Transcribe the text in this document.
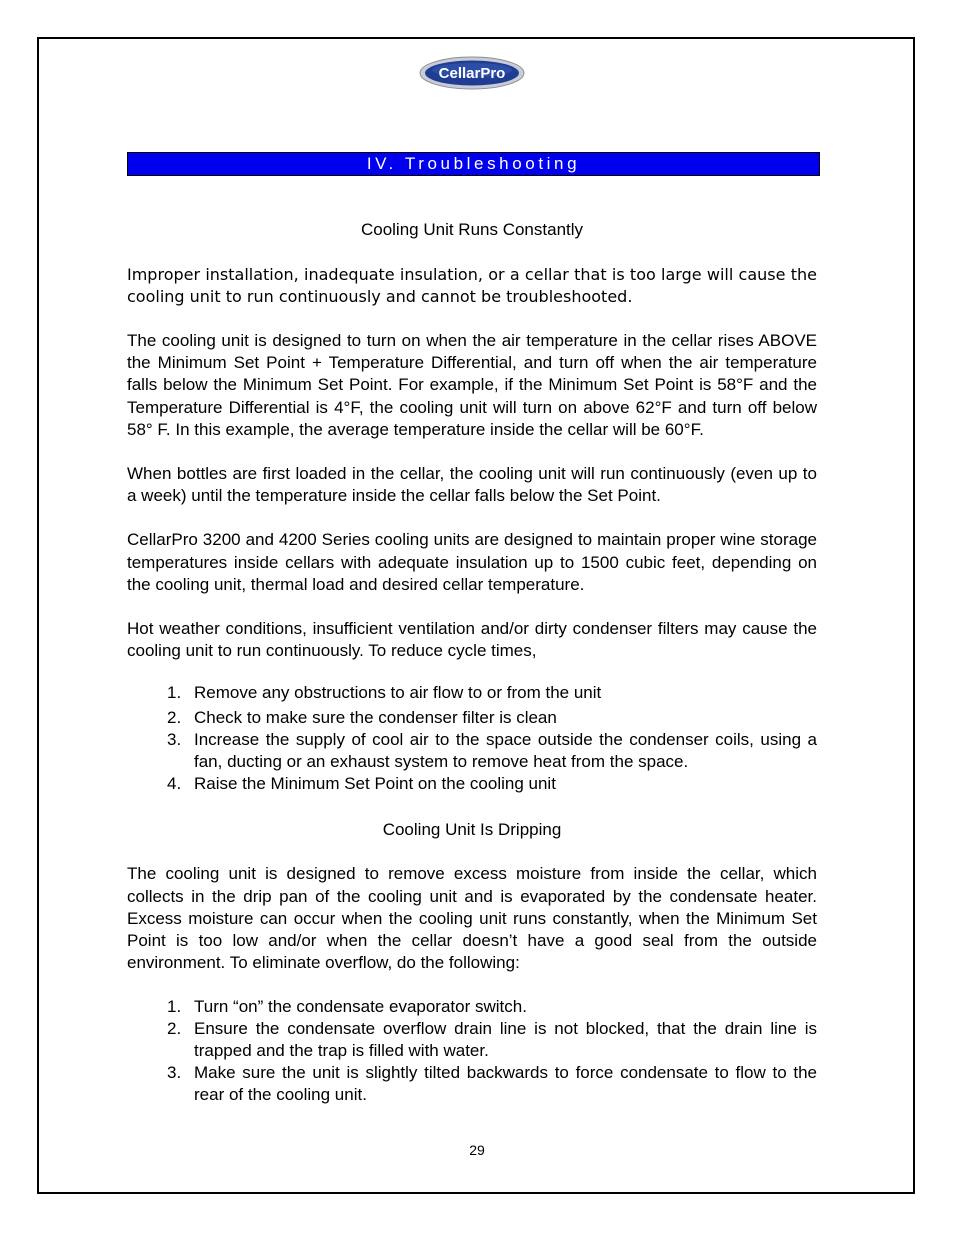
CellarPro
IV. Troubleshooting
Cooling Unit Runs Constantly

Improper installation, inadequate insulation, or a cellar that is too large will cause the cooling unit to run continuously and cannot be troubleshooted.

The cooling unit is designed to turn on when the air temperature in the cellar rises ABOVE the Minimum Set Point + Temperature Differential, and turn off when the air temperature falls below the Minimum Set Point. For example, if the Minimum Set Point is 58°F and the Temperature Differential is 4°F, the cooling unit will turn on above 62°F and turn off below 58° F. In this example, the average temperature inside the cellar will be 60°F.

When bottles are first loaded in the cellar, the cooling unit will run continuously (even up to a week) until the temperature inside the cellar falls below the Set Point.

CellarPro 3200 and 4200 Series cooling units are designed to maintain proper wine storage temperatures inside cellars with adequate insulation up to 1500 cubic feet, depending on the cooling unit, thermal load and desired cellar temperature.

Hot weather conditions, insufficient ventilation and/or dirty condenser filters may cause the cooling unit to run continuously. To reduce cycle times,

1. Remove any obstructions to air flow to or from the unit
2. Check to make sure the condenser filter is clean
3. Increase the supply of cool air to the space outside the condenser coils, using a fan, ducting or an exhaust system to remove heat from the space.
4. Raise the Minimum Set Point on the cooling unit
Cooling Unit Is Dripping

The cooling unit is designed to remove excess moisture from inside the cellar, which collects in the drip pan of the cooling unit and is evaporated by the condensate heater. Excess moisture can occur when the cooling unit runs constantly, when the Minimum Set Point is too low and/or when the cellar doesn’t have a good seal from the outside environment. To eliminate overflow, do the following:

1. Turn “on” the condensate evaporator switch.
2. Ensure the condensate overflow drain line is not blocked, that the drain line is trapped and the trap is filled with water.
3. Make sure the unit is slightly tilted backwards to force condensate to flow to the rear of the cooling unit.
29
